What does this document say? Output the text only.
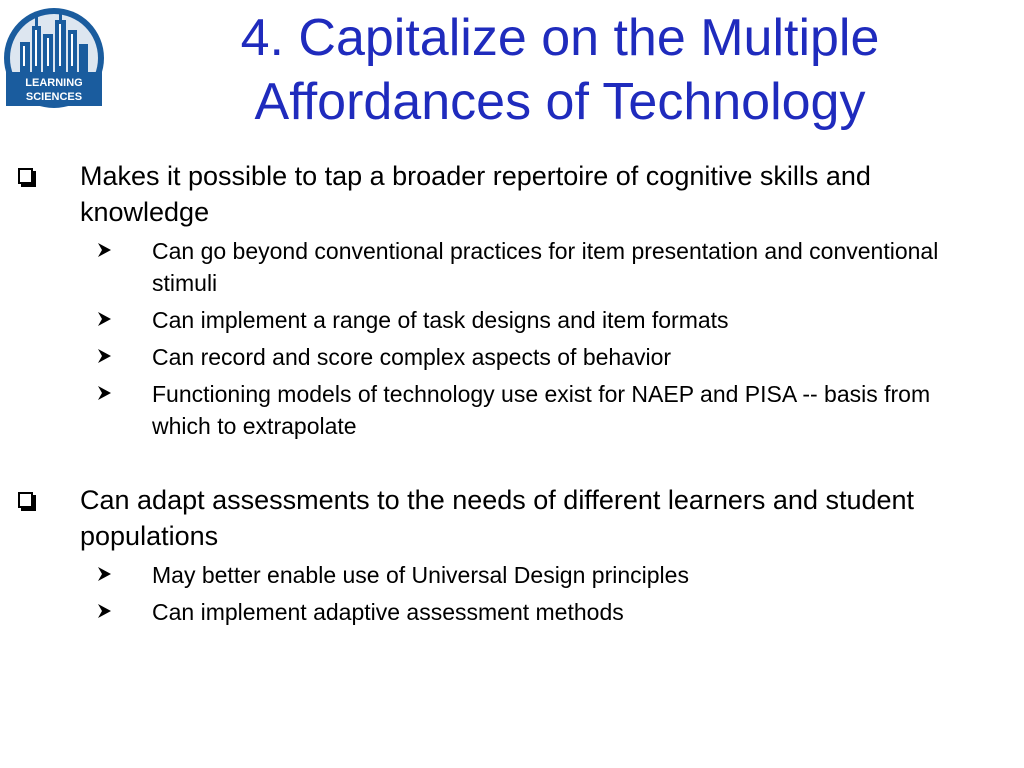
LEARNING
SCIENCES
4. Capitalize on the Multiple
Affordances of Technology
Makes it possible to tap a broader repertoire of cognitive skills and knowledge
Can go beyond conventional practices for item presentation and conventional stimuli
Can implement a range of task designs and item formats
Can record and score complex aspects of behavior
Functioning models of technology use exist for NAEP and PISA -- basis from which to extrapolate
Can adapt assessments to the needs of different learners and student populations
May better enable use of Universal Design principles
Can implement adaptive assessment methods
